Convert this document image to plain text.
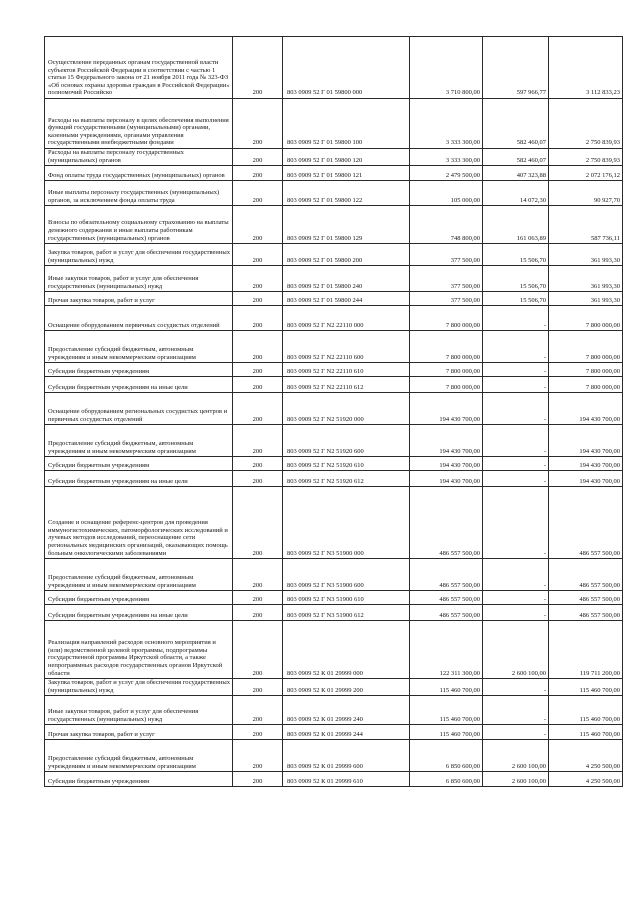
Осуществление переданных органам государственной власти субъектов Российской Федерации в соответствии с частью 1 статьи 15 Федерального закона от 21 ноября 2011 года № 323-ФЗ «Об основах охраны здоровья граждан в Российской Федерации» полномочий Российско	200	803 0909 52 Г 01 59800 000	3 710 800,00	597 966,77	3 112 833,23
Расходы на выплаты персоналу в целях обеспечения выполнения функций государственными (муниципальными) органами, казенными учреждениями, органами управления государственными внебюджетными фондами	200	803 0909 52 Г 01 59800 100	3 333 300,00	582 460,07	2 750 839,93
Расходы на выплаты персоналу государственных (муниципальных) органов	200	803 0909 52 Г 01 59800 120	3 333 300,00	582 460,07	2 750 839,93
Фонд оплаты труда государственных (муниципальных) органов	200	803 0909 52 Г 01 59800 121	2 479 500,00	407 323,88	2 072 176,12
Иные выплаты персоналу государственных (муниципальных) органов, за исключением фонда оплаты труда	200	803 0909 52 Г 01 59800 122	105 000,00	14 072,30	90 927,70
Взносы по обязательному социальному страхованию на выплаты денежного содержания и иные выплаты работникам государственных (муниципальных) органов	200	803 0909 52 Г 01 59800 129	748 800,00	161 063,89	587 736,11
Закупка товаров, работ и услуг для обеспечения государственных (муниципальных) нужд	200	803 0909 52 Г 01 59800 200	377 500,00	15 506,70	361 993,30
Иные закупки товаров, работ и услуг для обеспечения государственных (муниципальных) нужд	200	803 0909 52 Г 01 59800 240	377 500,00	15 506,70	361 993,30
Прочая закупка товаров, работ и услуг	200	803 0909 52 Г 01 59800 244	377 500,00	15 506,70	361 993,30
Оснащение оборудованием первичных сосудистых отделений	200	803 0909 52 Г N2 22110 000	7 800 000,00	-	7 800 000,00
Предоставление субсидий бюджетным, автономным учреждениям и иным некоммерческим организациям	200	803 0909 52 Г N2 22110 600	7 800 000,00	-	7 800 000,00
Субсидии бюджетным учреждениям	200	803 0909 52 Г N2 22110 610	7 800 000,00	-	7 800 000,00
Субсидии бюджетным учреждениям на иные цели	200	803 0909 52 Г N2 22110 612	7 800 000,00	-	7 800 000,00
Оснащение оборудованием региональных сосудистых центров и первичных сосудистых отделений	200	803 0909 52 Г N2 51920 000	194 430 700,00	-	194 430 700,00
Предоставление субсидий бюджетным, автономным учреждениям и иным некоммерческим организациям	200	803 0909 52 Г N2 51920 600	194 430 700,00	-	194 430 700,00
Субсидии бюджетным учреждениям	200	803 0909 52 Г N2 51920 610	194 430 700,00	-	194 430 700,00
Субсидии бюджетным учреждениям на иные цели	200	803 0909 52 Г N2 51920 612	194 430 700,00	-	194 430 700,00
Создание и оснащение референс-центров для проведения иммуногистохимических, патоморфологических исследований и лучевых методов исследований, переоснащение сети региональных медицинских организаций, оказывающих помощь больным онкологическими заболеваниями	200	803 0909 52 Г N3 51900 000	486 557 500,00	-	486 557 500,00
Предоставление субсидий бюджетным, автономным учреждениям и иным некоммерческим организациям	200	803 0909 52 Г N3 51900 600	486 557 500,00	-	486 557 500,00
Субсидии бюджетным учреждениям	200	803 0909 52 Г N3 51900 610	486 557 500,00	-	486 557 500,00
Субсидии бюджетным учреждениям на иные цели	200	803 0909 52 Г N3 51900 612	486 557 500,00	-	486 557 500,00
Реализация направлений расходов основного мероприятия и (или) ведомственной целевой программы, подпрограммы государственной программы Иркутской области, а также непрограммных расходов государственных органов Иркутской области	200	803 0909 52 К 01 29999 000	122 311 300,00	2 600 100,00	119 711 200,00
Закупка товаров, работ и услуг для обеспечения государственных (муниципальных) нужд	200	803 0909 52 К 01 29999 200	115 460 700,00	-	115 460 700,00
Иные закупки товаров, работ и услуг для обеспечения государственных (муниципальных) нужд	200	803 0909 52 К 01 29999 240	115 460 700,00	-	115 460 700,00
Прочая закупка товаров, работ и услуг	200	803 0909 52 К 01 29999 244	115 460 700,00	-	115 460 700,00
Предоставление субсидий бюджетным, автономным учреждениям и иным некоммерческим организациям	200	803 0909 52 К 01 29999 600	6 850 600,00	2 600 100,00	4 250 500,00
Субсидии бюджетным учреждениям	200	803 0909 52 К 01 29999 610	6 850 600,00	2 600 100,00	4 250 500,00
